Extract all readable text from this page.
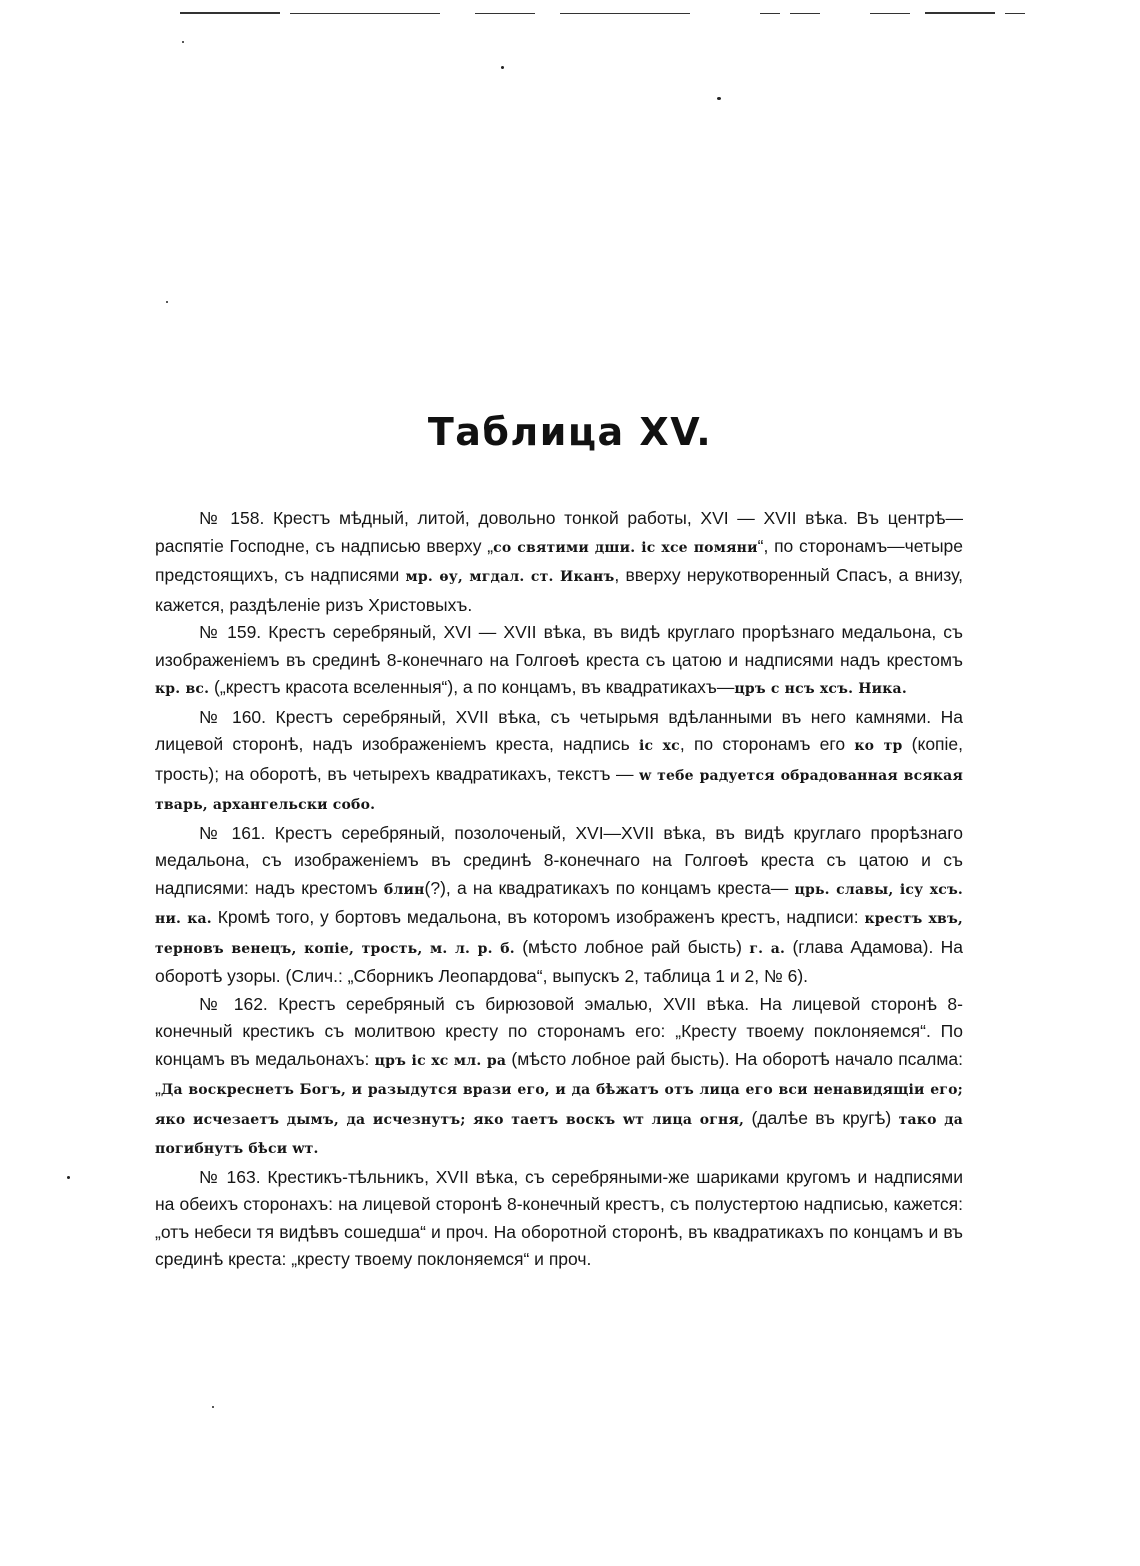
Таблица XV.

№ 158. Крестъ мѣдный, литой, довольно тонкой работы, XVI — XVII вѣка. Въ центрѣ—распятіе Господне, съ надписью вверху „со святими дши. іс хсе помяни“, по сторонамъ—четыре предстоящихъ, съ надписями мр. ѳу, мгдал. ст. Иканъ, вверху нерукотворенный Спасъ, а внизу, кажется, раздѣленіе ризъ Христовыхъ.

№ 159. Крестъ серебряный, XVI — XVII вѣка, въ видѣ круглаго прорѣзнаго медальона, съ изображеніемъ въ срединѣ 8-конечнаго на Голгоѳѣ креста съ цатою и надписями надъ крестомъ кр. вс. („крестъ красота вселенныя“), а по концамъ, въ квадратикахъ—цръ с нсъ хсъ. Ника.

№ 160. Крестъ серебряный, XVII вѣка, съ четырьмя вдѣланными въ него камнями. На лицевой сторонѣ, надъ изображеніемъ креста, надпись іс хс, по сторонамъ его ко тр (копіе, трость); на оборотѣ, въ четырехъ квадратикахъ, текстъ — w тебе радуется обрадованная всякая тварь, архангельски собо.

№ 161. Крестъ серебряный, позолоченый, XVI—XVII вѣка, въ видѣ круглаго прорѣзнаго медальона, съ изображеніемъ въ срединѣ 8-конечнаго на Голгоѳѣ креста съ цатою и съ надписями: надъ крестомъ блин(?), а на квадратикахъ по концамъ креста— црь. славы, ісу хсъ. ни. ка. Кромѣ того, у бортовъ медальона, въ которомъ изображенъ крестъ, надписи: крестъ хвъ, терновъ венецъ, копіе, трость, м. л. р. б. (мѣсто лобное рай бысть) г. а. (глава Адамова). На оборотѣ узоры. (Слич.: „Сборникъ Леопардова“, выпускъ 2, таблица 1 и 2, № 6).

№ 162. Крестъ серебряный съ бирюзовой эмалью, XVII вѣка. На лицевой сторонѣ 8-конечный крестикъ съ молитвою кресту по сторонамъ его: „Кресту твоему поклоняемся“. По концамъ въ медальонахъ: цръ іс хс мл. ра (мѣсто лобное рай бысть). На оборотѣ начало псалма: „Да воскреснетъ Богъ, и разыдутся врази его, и да бѣжатъ отъ лица его вси ненавидящіи его; яко исчезаетъ дымъ, да исчезнутъ; яко таетъ воскъ wт лица огня, (далѣе въ кругѣ) тако да погибнутъ бѣси wт.

№ 163. Крестикъ-тѣльникъ, XVII вѣка, съ серебряными-же шариками кругомъ и надписями на обеихъ сторонахъ: на лицевой сторонѣ 8-конечный крестъ, съ полустертою надписью, кажется: „отъ небеси тя видѣвъ сошедша“ и проч. На оборотной сторонѣ, въ квадратикахъ по концамъ и въ срединѣ креста: „кресту твоему поклоняемся“ и проч.
